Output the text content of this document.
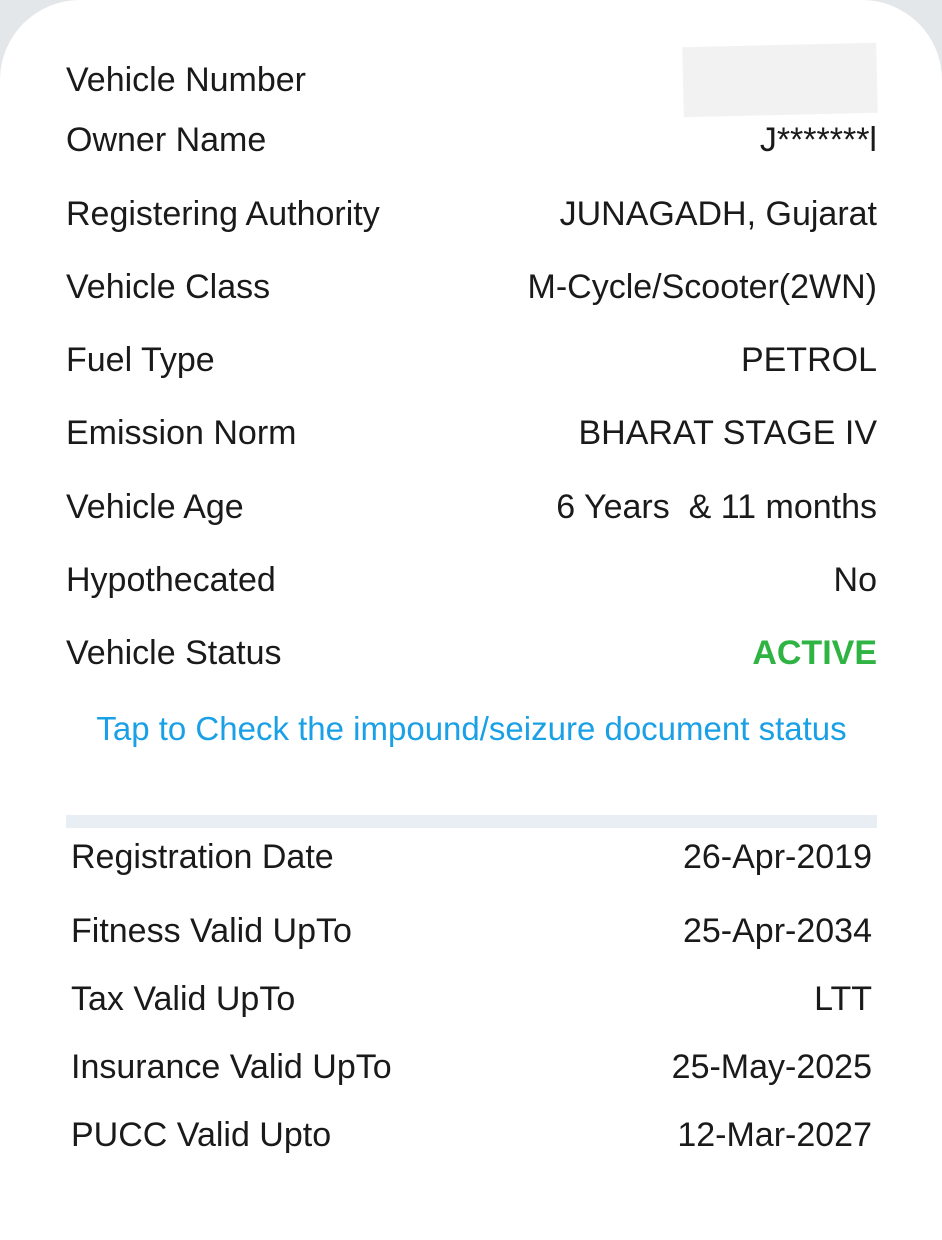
Vehicle Number
Owner Name	J*******l
Registering Authority	JUNAGADH, Gujarat
Vehicle Class	M-Cycle/Scooter(2WN)
Fuel Type	PETROL
Emission Norm	BHARAT STAGE IV
Vehicle Age	6 Years  & 11 months
Hypothecated	No
Vehicle Status	ACTIVE
Tap to Check the impound/seizure document status
Registration Date	26-Apr-2019
Fitness Valid UpTo	25-Apr-2034
Tax Valid UpTo	LTT
Insurance Valid UpTo	25-May-2025
PUCC Valid Upto	12-Mar-2027
